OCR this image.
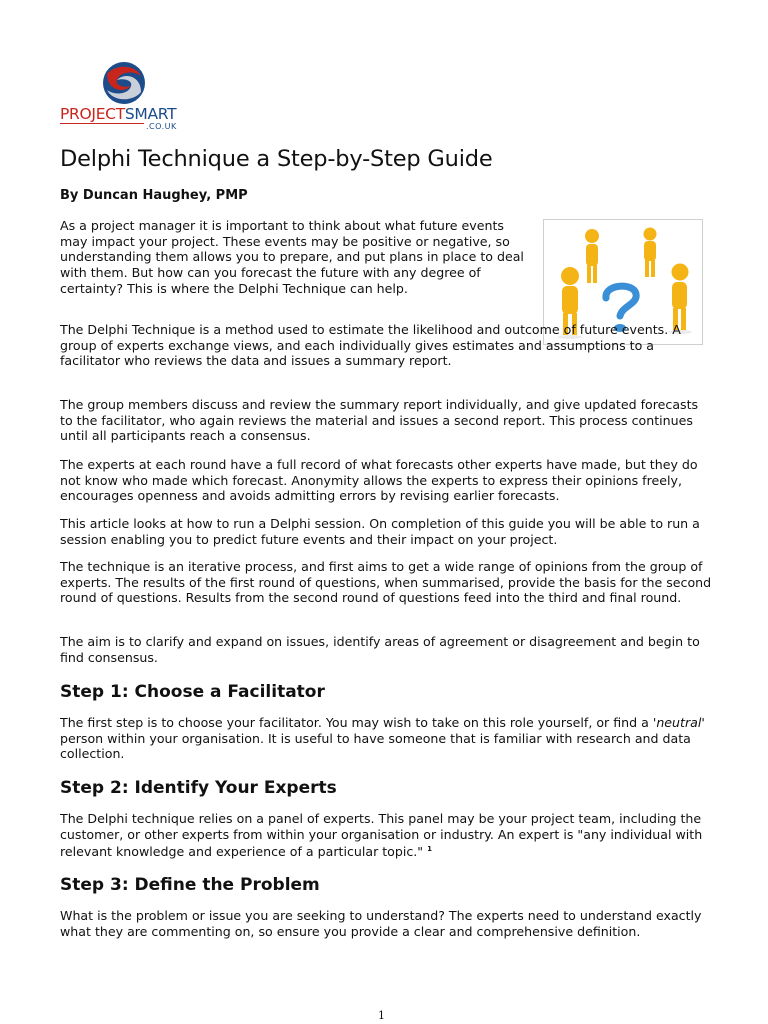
PROJECTSMART
.CO.UK
Delphi Technique a Step-by-Step Guide

By Duncan Haughey, PMP

As a project manager it is important to think about what future events may impact your project. These events may be positive or negative, so understanding them allows you to prepare, and put plans in place to deal with them. But how can you forecast the future with any degree of certainty? This is where the Delphi Technique can help.

The Delphi Technique is a method used to estimate the likelihood and outcome of future events. A group of experts exchange views, and each individually gives estimates and assumptions to a facilitator who reviews the data and issues a summary report.

The group members discuss and review the summary report individually, and give updated forecasts to the facilitator, who again reviews the material and issues a second report. This process continues until all participants reach a consensus.

The experts at each round have a full record of what forecasts other experts have made, but they do not know who made which forecast. Anonymity allows the experts to express their opinions freely, encourages openness and avoids admitting errors by revising earlier forecasts.

This article looks at how to run a Delphi session. On completion of this guide you will be able to run a session enabling you to predict future events and their impact on your project.

The technique is an iterative process, and first aims to get a wide range of opinions from the group of experts. The results of the first round of questions, when summarised, provide the basis for the second round of questions. Results from the second round of questions feed into the third and final round.

The aim is to clarify and expand on issues, identify areas of agreement or disagreement and begin to find consensus.

Step 1: Choose a Facilitator

The first step is to choose your facilitator. You may wish to take on this role yourself, or find a 'neutral' person within your organisation. It is useful to have someone that is familiar with research and data collection.

Step 2: Identify Your Experts

The Delphi technique relies on a panel of experts. This panel may be your project team, including the customer, or other experts from within your organisation or industry. An expert is "any individual with relevant knowledge and experience of a particular topic." $^1$

Step 3: Define the Problem

What is the problem or issue you are seeking to understand? The experts need to understand exactly what they are commenting on, so ensure you provide a clear and comprehensive definition.

1
